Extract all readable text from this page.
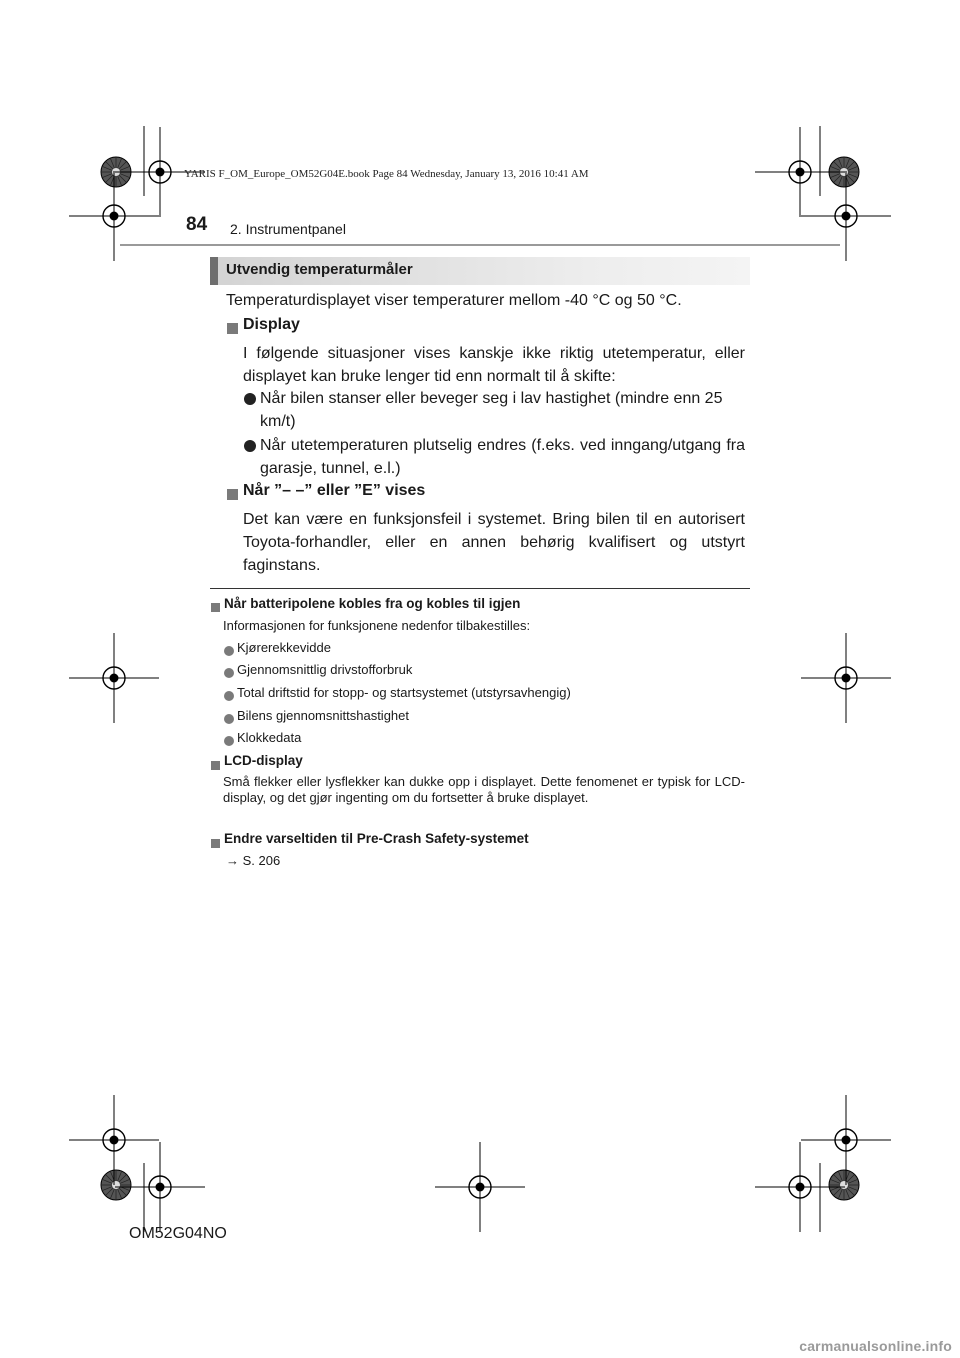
YARIS F_OM_Europe_OM52G04E.book Page 84 Wednesday, January 13, 2016 10:41 AM
84 2. Instrumentpanel
Utvendig temperaturmåler
Temperaturdisplayet viser temperaturer mellom -40 °C og 50 °C.
Display
I følgende situasjoner vises kanskje ikke riktig utetemperatur, eller displayet kan bruke lenger tid enn normalt til å skifte:
Når bilen stanser eller beveger seg i lav hastighet (mindre enn 25 km/t)
Når utetemperaturen plutselig endres (f.eks. ved inngang/utgang fra garasje, tunnel, e.l.)
Når ”– –” eller ”E” vises
Det kan være en funksjonsfeil i systemet. Bring bilen til en autorisert Toyota-forhandler, eller en annen behørig kvalifisert og utstyrt faginstans.
Når batteripolene kobles fra og kobles til igjen
Informasjonen for funksjonene nedenfor tilbakestilles:
Kjørerekkevidde
Gjennomsnittlig drivstofforbruk
Total driftstid for stopp- og startsystemet (utstyrsavhengig)
Bilens gjennomsnittshastighet
Klokkedata
LCD-display
Små flekker eller lysflekker kan dukke opp i displayet. Dette fenomenet er typisk for LCD-display, og det gjør ingenting om du fortsetter å bruke displayet.
Endre varseltiden til Pre-Crash Safety-systemet
→ S. 206
OM52G04NO
carmanualsonline.info
